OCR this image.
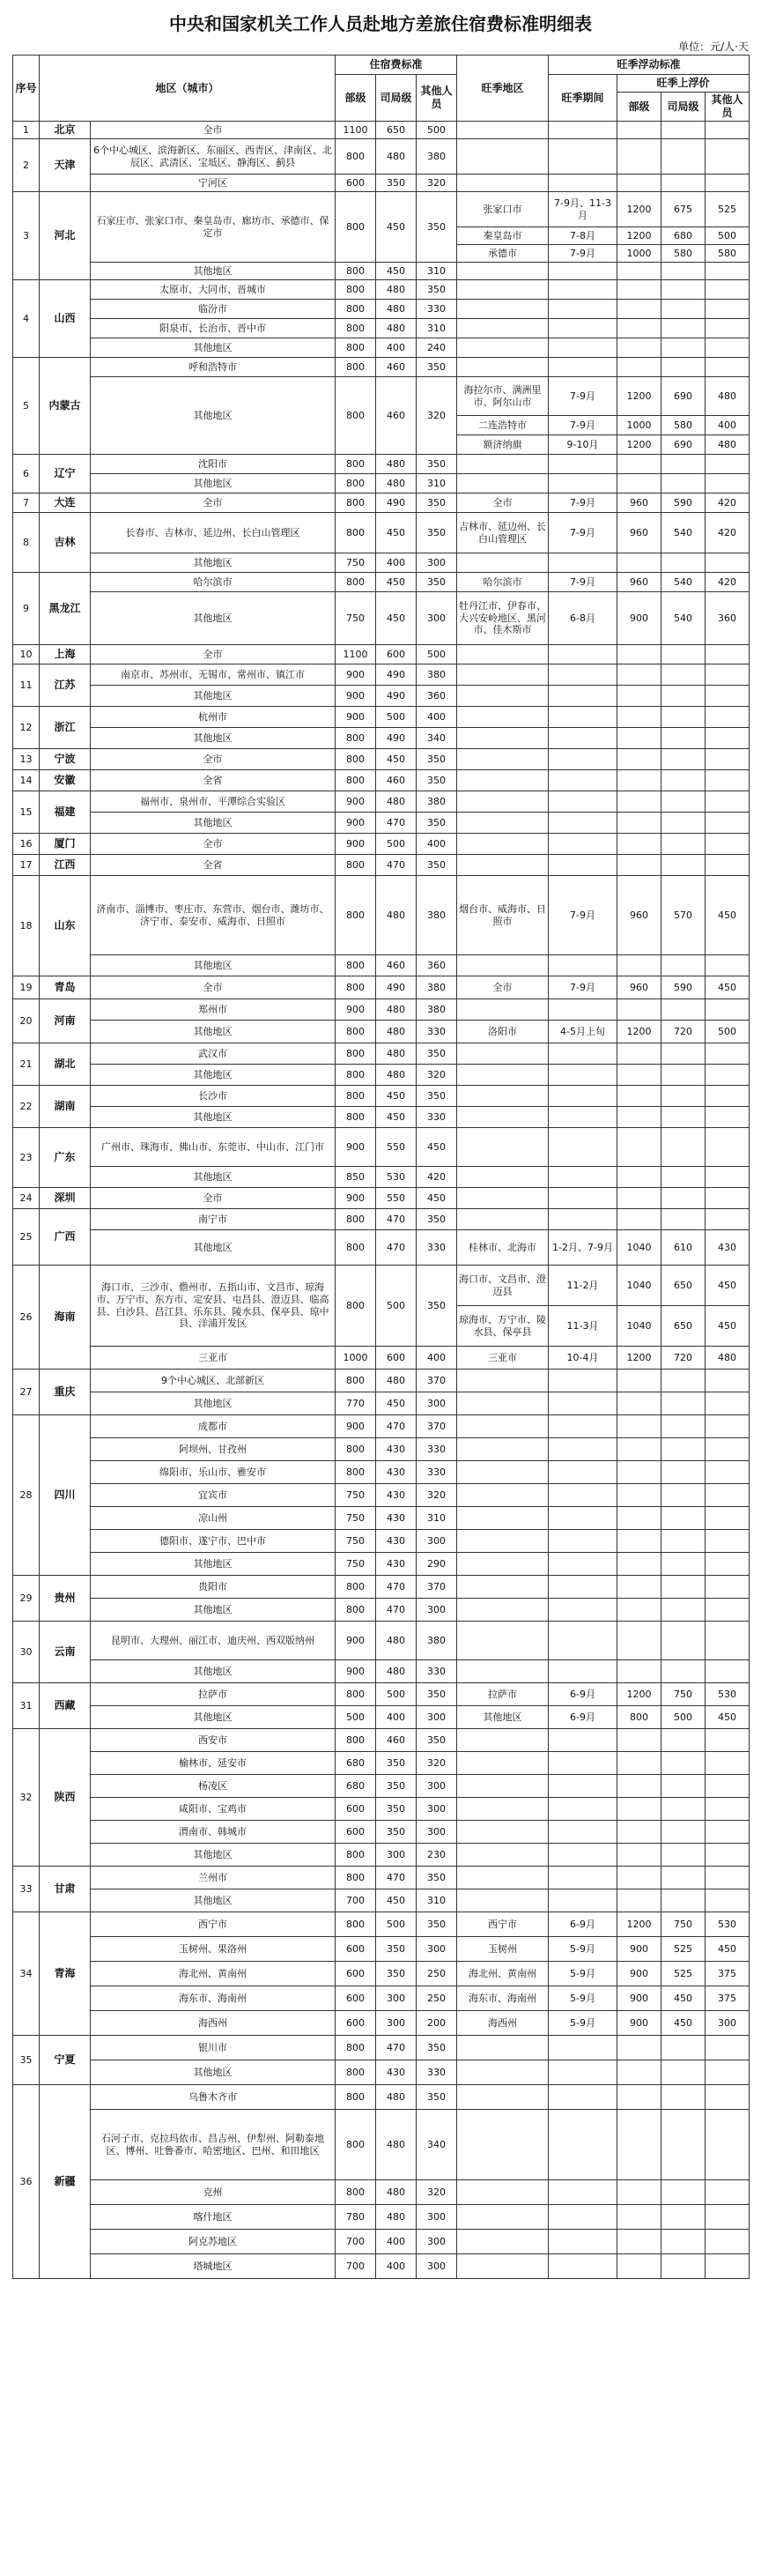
中央和国家机关工作人员赴地方差旅住宿费标准明细表
单位：元/人·天
序号	地区（城市）		住宿费标准			旺季地区	旺季浮动标准			
			部级	司局级	其他人员		旺季期间	旺季上浮价		
								部级	司局级	其他人员
1	北京	全市	1100	650	500					
2	天津	6个中心城区、滨海新区、东丽区、西青区、津南区、北辰区、武清区、宝坻区、静海区、蓟县	800	480	380					
		宁河区	600	350	320					
3	河北	石家庄市、张家口市、秦皇岛市、廊坊市、承德市、保定市	800	450	350	张家口市	7-9月、11-3月	1200	675	525
						秦皇岛市	7-8月	1200	680	500
						承德市	7-9月	1000	580	580
		其他地区	800	450	310					
4	山西	太原市、大同市、晋城市	800	480	350					
		临汾市	800	480	330					
		阳泉市、长治市、晋中市	800	480	310					
		其他地区	800	400	240					
5	内蒙古	呼和浩特市	800	460	350					
		其他地区	800	460	320	海拉尔市、满洲里市、阿尔山市	7-9月	1200	690	480
						二连浩特市	7-9月	1000	580	400
						额济纳旗	9-10月	1200	690	480
6	辽宁	沈阳市	800	480	350					
		其他地区	800	480	310					
7	大连	全市	800	490	350	全市	7-9月	960	590	420
8	吉林	长春市、吉林市、延边州、长白山管理区	800	450	350	吉林市、延边州、长白山管理区	7-9月	960	540	420
		其他地区	750	400	300					
9	黑龙江	哈尔滨市	800	450	350	哈尔滨市	7-9月	960	540	420
		其他地区	750	450	300	牡丹江市、伊春市、大兴安岭地区、黑河市、佳木斯市	6-8月	900	540	360
10	上海	全市	1100	600	500					
11	江苏	南京市、苏州市、无锡市、常州市、镇江市	900	490	380					
		其他地区	900	490	360					
12	浙江	杭州市	900	500	400					
		其他地区	800	490	340					
13	宁波	全市	800	450	350					
14	安徽	全省	800	460	350					
15	福建	福州市、泉州市、平潭综合实验区	900	480	380					
		其他地区	900	470	350					
16	厦门	全市	900	500	400					
17	江西	全省	800	470	350					
18	山东	济南市、淄博市、枣庄市、东营市、烟台市、潍坊市、济宁市、泰安市、威海市、日照市	800	480	380	烟台市、威海市、日照市	7-9月	960	570	450
		其他地区	800	460	360					
19	青岛	全市	800	490	380	全市	7-9月	960	590	450
20	河南	郑州市	900	480	380					
		其他地区	800	480	330	洛阳市	4-5月上旬	1200	720	500
21	湖北	武汉市	800	480	350					
		其他地区	800	480	320					
22	湖南	长沙市	800	450	350					
		其他地区	800	450	330					
23	广东	广州市、珠海市、佛山市、东莞市、中山市、江门市	900	550	450					
		其他地区	850	530	420					
24	深圳	全市	900	550	450					
25	广西	南宁市	800	470	350					
		其他地区	800	470	330	桂林市、北海市	1-2月、7-9月	1040	610	430
26	海南	海口市、三沙市、儋州市、五指山市、文昌市、琼海市、万宁市、东方市、定安县、屯昌县、澄迈县、临高县、白沙县、昌江县、乐东县、陵水县、保亭县、琼中县、洋浦开发区	800	500	350	海口市、文昌市、澄迈县	11-2月	1040	650	450
						琼海市、万宁市、陵水县、保亭县	11-3月	1040	650	450
		三亚市	1000	600	400	三亚市	10-4月	1200	720	480
27	重庆	9个中心城区、北部新区	800	480	370					
		其他地区	770	450	300					
28	四川	成都市	900	470	370					
		阿坝州、甘孜州	800	430	330					
		绵阳市、乐山市、雅安市	800	430	330					
		宜宾市	750	430	320					
		凉山州	750	430	310					
		德阳市、遂宁市、巴中市	750	430	300					
		其他地区	750	430	290					
29	贵州	贵阳市	800	470	370					
		其他地区	800	470	300					
30	云南	昆明市、大理州、丽江市、迪庆州、西双版纳州	900	480	380					
		其他地区	900	480	330					
31	西藏	拉萨市	800	500	350	拉萨市	6-9月	1200	750	530
		其他地区	500	400	300	其他地区	6-9月	800	500	450
32	陕西	西安市	800	460	350					
		榆林市、延安市	680	350	320					
		杨凌区	680	350	300					
		咸阳市、宝鸡市	600	350	300					
		渭南市、韩城市	600	350	300					
		其他地区	800	300	230					
33	甘肃	兰州市	800	470	350					
		其他地区	700	450	310					
34	青海	西宁市	800	500	350	西宁市	6-9月	1200	750	530
		玉树州、果洛州	600	350	300	玉树州	5-9月	900	525	450
		海北州、黄南州	600	350	250	海北州、黄南州	5-9月	900	525	375
		海东市、海南州	600	300	250	海东市、海南州	5-9月	900	450	375
		海西州	600	300	200	海西州	5-9月	900	450	300
35	宁夏	银川市	800	470	350					
		其他地区	800	430	330					
36	新疆	乌鲁木齐市	800	480	350					
		石河子市、克拉玛依市、昌吉州、伊犁州、阿勒泰地区、博州、吐鲁番市、哈密地区、巴州、和田地区	800	480	340					
		克州	800	480	320					
		喀什地区	780	480	300					
		阿克苏地区	700	400	300					
		塔城地区	700	400	300					
